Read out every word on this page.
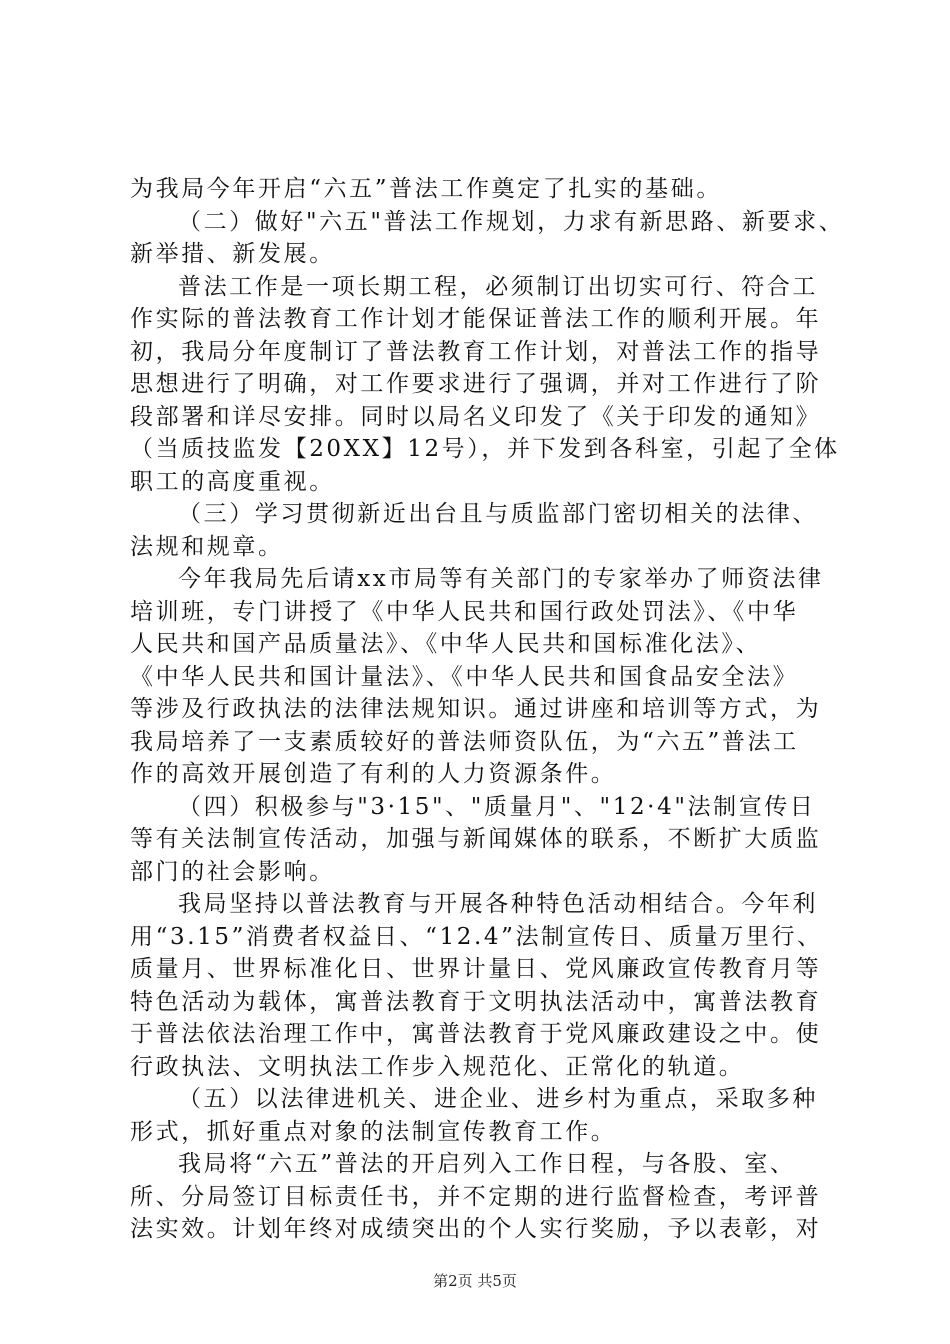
为我局今年开启“六五”普法工作奠定了扎实的基础。
（二）做好"六五"普法工作规划，力求有新思路、新要求、
新举措、新发展。
普法工作是一项长期工程，必须制订出切实可行、符合工
作实际的普法教育工作计划才能保证普法工作的顺利开展。年
初，我局分年度制订了普法教育工作计划，对普法工作的指导
思想进行了明确，对工作要求进行了强调，并对工作进行了阶
段部署和详尽安排。同时以局名义印发了《关于印发的通知》
（当质技监发【20XX】12号），并下发到各科室，引起了全体
职工的高度重视。
（三）学习贯彻新近出台且与质监部门密切相关的法律、
法规和规章。
今年我局先后请xx市局等有关部门的专家举办了师资法律
培训班，专门讲授了《中华人民共和国行政处罚法》、《中华
人民共和国产品质量法》、《中华人民共和国标准化法》、
《中华人民共和国计量法》、《中华人民共和国食品安全法》
等涉及行政执法的法律法规知识。通过讲座和培训等方式，为
我局培养了一支素质较好的普法师资队伍，为“六五”普法工
作的高效开展创造了有利的人力资源条件。
（四）积极参与"3·15"、"质量月"、"12·4"法制宣传日
等有关法制宣传活动，加强与新闻媒体的联系，不断扩大质监
部门的社会影响。
我局坚持以普法教育与开展各种特色活动相结合。今年利
用“3.15”消费者权益日、“12.4”法制宣传日、质量万里行、
质量月、世界标准化日、世界计量日、党风廉政宣传教育月等
特色活动为载体，寓普法教育于文明执法活动中，寓普法教育
于普法依法治理工作中，寓普法教育于党风廉政建设之中。使
行政执法、文明执法工作步入规范化、正常化的轨道。
（五）以法律进机关、进企业、进乡村为重点，采取多种
形式，抓好重点对象的法制宣传教育工作。
我局将“六五”普法的开启列入工作日程，与各股、室、
所、分局签订目标责任书，并不定期的进行监督检查，考评普
第2页 共5页
法实效。计划年终对成绩突出的个人实行奖励，予以表彰，对
